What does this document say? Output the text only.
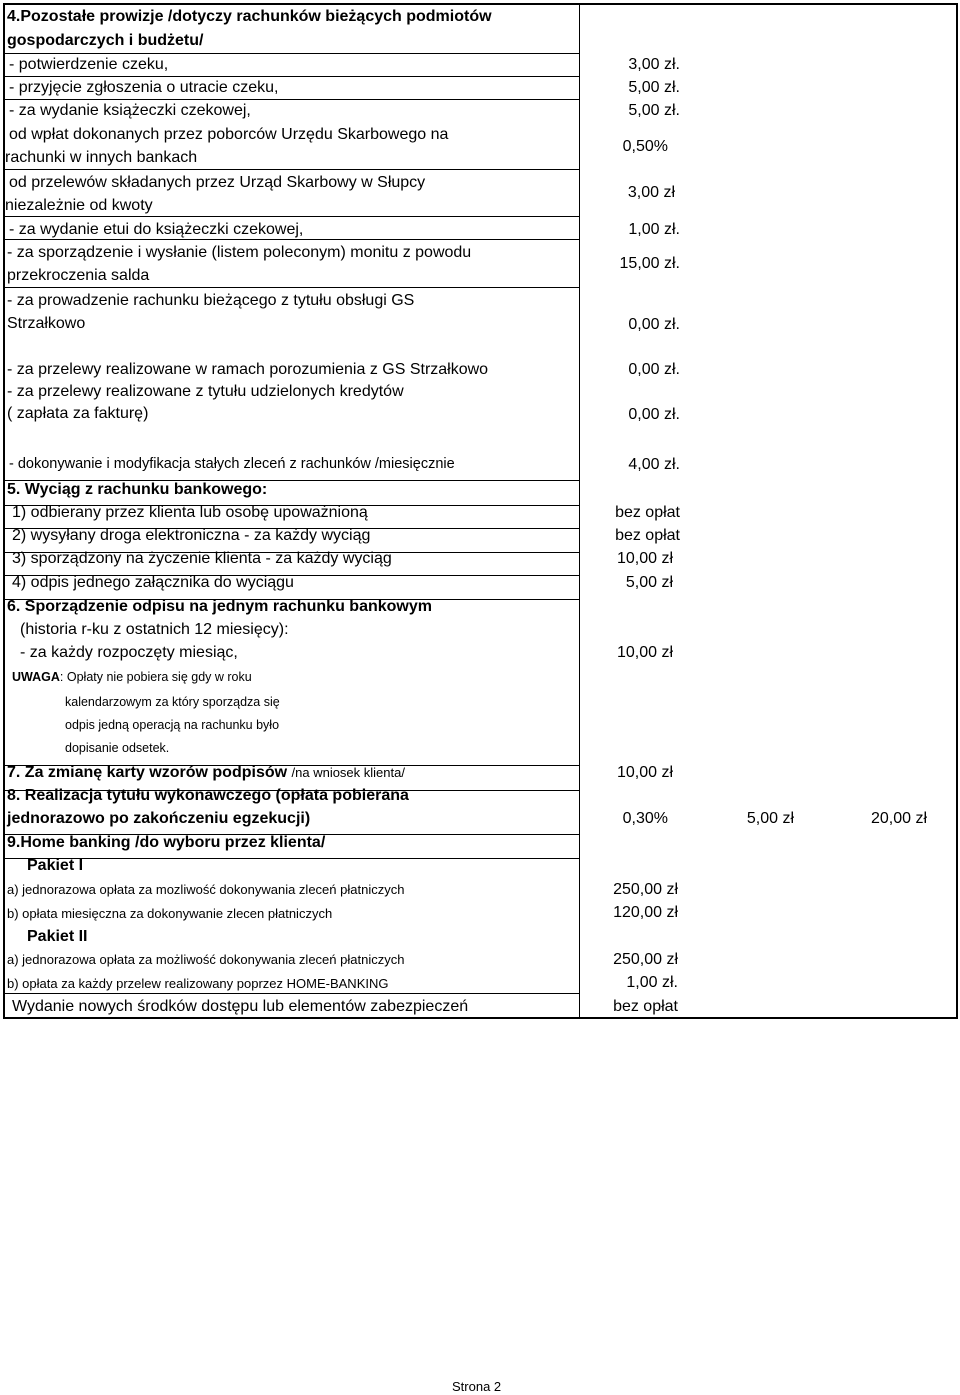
4.Pozostałe prowizje /dotyczy rachunków bieżących podmiotów
gospodarczych i budżetu/
- potwierdzenie czeku,	3,00 zł.
- przyjęcie zgłoszenia o utracie czeku,	5,00 zł.
- za wydanie książeczki czekowej,	5,00 zł.
od wpłat dokonanych przez poborców Urzędu Skarbowego na
rachunki w innych bankach
0,50%
od przelewów składanych przez Urząd Skarbowy w Słupcy
niezależnie od kwoty
3,00 zł
- za wydanie etui do książeczki czekowej,	1,00 zł.
- za sporządzenie i wysłanie (listem poleconym) monitu z powodu
przekroczenia salda
15,00 zł.
- za prowadzenie rachunku bieżącego z tytułu obsługi GS
Strzałkowo	0,00 zł.
- za przelewy realizowane w ramach porozumienia z GS Strzałkowo	0,00 zł.
- za przelewy realizowane z tytułu udzielonych kredytów
( zapłata za fakturę)	0,00 zł.
- dokonywanie i modyfikacja stałych zleceń z rachunków /miesięcznie	4,00 zł.
5. Wyciąg z rachunku bankowego:
1) odbierany przez klienta lub osobę upoważnioną	bez opłat
2) wysyłany droga elektroniczna - za każdy wyciąg	bez opłat
3) sporządzony na życzenie klienta - za każdy wyciąg	10,00 zł
4) odpis jednego załącznika do wyciągu	5,00 zł
6. Sporządzenie odpisu na jednym rachunku bankowym
(historia r-ku z ostatnich 12 miesięcy):
- za każdy rozpoczęty miesiąc,	10,00 zł
UWAGA: Opłaty nie pobiera się gdy w roku
kalendarzowym za który sporządza się
odpis jedną operacją na rachunku było
dopisanie odsetek.
7. Za zmianę karty wzorów podpisów /na wniosek klienta/	10,00 zł
8. Realizacja tytułu wykonawczego (opłata pobierana
jednorazowo po zakończeniu egzekucji)	0,30%	5,00 zł	20,00 zł
9.Home banking /do wyboru przez klienta/
Pakiet I
a) jednorazowa opłata za mozliwość dokonywania zleceń płatniczych	250,00 zł
b) opłata miesięczna za dokonywanie zlecen płatniczych	120,00 zł
Pakiet II
a) jednorazowa opłata za możliwość dokonywania zleceń płatniczych	250,00 zł
b) opłata za każdy przelew realizowany poprzez HOME-BANKING	1,00 zł.
Wydanie nowych środków dostępu lub elementów zabezpieczeń	bez opłat
Strona 2
